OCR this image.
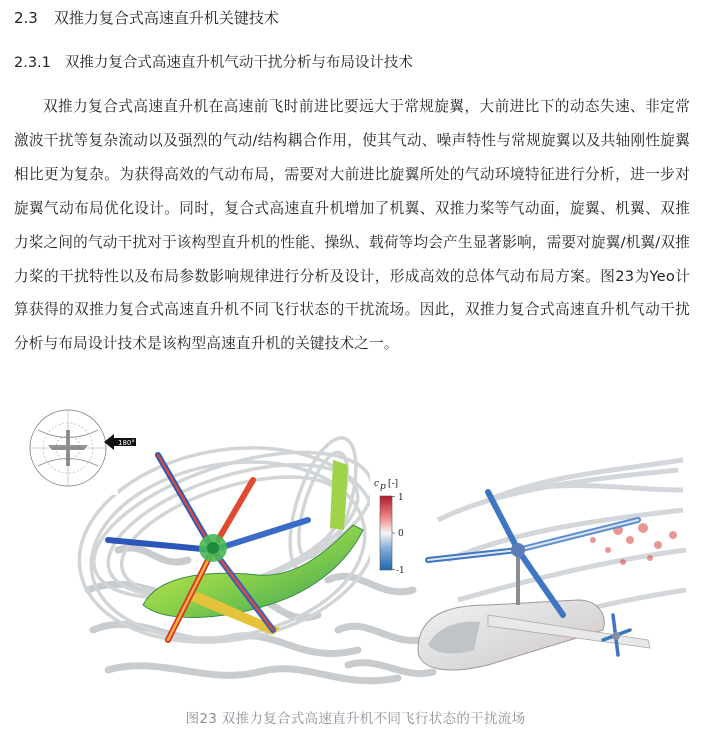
2.3 双推力复合式高速直升机关键技术
2.3.1 双推力复合式高速直升机气动干扰分析与布局设计技术

双推力复合式高速直升机在高速前飞时前进比要远大于常规旋翼，大前进比下的动态失速、非定常激波干扰等复杂流动以及强烈的气动/结构耦合作用，使其气动、噪声特性与常规旋翼以及共轴刚性旋翼相比更为复杂。为获得高效的气动布局，需要对大前进比旋翼所处的气动环境特征进行分析，进一步对旋翼气动布局优化设计。同时，复合式高速直升机增加了机翼、双推力桨等气动面，旋翼、机翼、双推力桨之间的气动干扰对于该构型直升机的性能、操纵、载荷等均会产生显著影响，需要对旋翼/机翼/双推力桨的干扰特性以及布局参数影响规律进行分析及设计，形成高效的总体气动布局方案。图23为Yeo计算获得的双推力复合式高速直升机不同飞行状态的干扰流场。因此，双推力复合式高速直升机气动干扰分析与布局设计技术是该构型高速直升机的关键技术之一。

180°
c p [-]
1
0
-1
图23 双推力复合式高速直升机不同飞行状态的干扰流场
